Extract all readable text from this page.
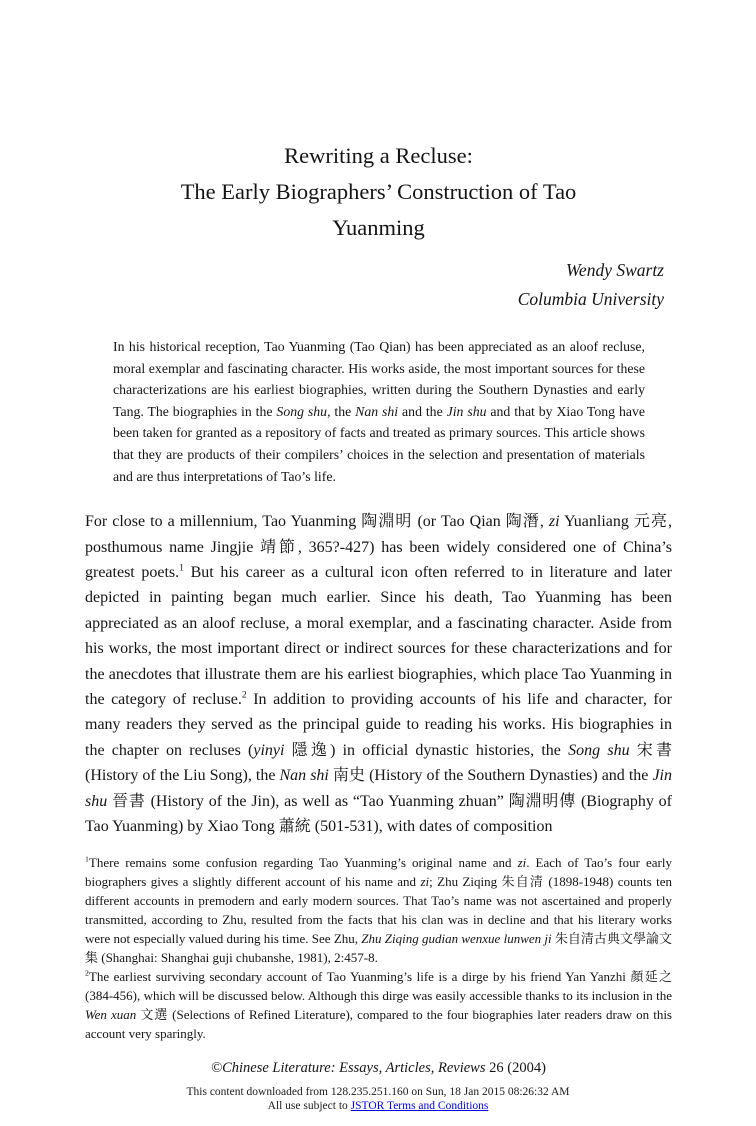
Rewriting a Recluse:
The Early Biographers’ Construction of Tao
Yuanming
Wendy Swartz
Columbia University

In his historical reception, Tao Yuanming (Tao Qian) has been appreciated as an aloof recluse, moral exemplar and fascinating character. His works aside, the most important sources for these characterizations are his earliest biographies, written during the Southern Dynasties and early Tang. The biographies in the Song shu, the Nan shi and the Jin shu and that by Xiao Tong have been taken for granted as a repository of facts and treated as primary sources. This article shows that they are products of their compilers’ choices in the selection and presentation of materials and are thus interpretations of Tao’s life.

For close to a millennium, Tao Yuanming 陶淵明 (or Tao Qian 陶潛, zi Yuanliang 元亮, posthumous name Jingjie 靖節, 365?-427) has been widely considered one of China’s greatest poets.$^1$ But his career as a cultural icon often referred to in literature and later depicted in painting began much earlier. Since his death, Tao Yuanming has been appreciated as an aloof recluse, a moral exemplar, and a fascinating character. Aside from his works, the most important direct or indirect sources for these characterizations and for the anecdotes that illustrate them are his earliest biographies, which place Tao Yuanming in the category of recluse.$^2$ In addition to providing accounts of his life and character, for many readers they served as the principal guide to reading his works. His biographies in the chapter on recluses (yinyi 隱逸) in official dynastic histories, the Song shu 宋書 (History of the Liu Song), the Nan shi 南史 (History of the Southern Dynasties) and the Jin shu 晉書 (History of the Jin), as well as “Tao Yuanming zhuan” 陶淵明傳 (Biography of Tao Yuanming) by Xiao Tong 蕭統 (501-531), with dates of composition

$^1$There remains some confusion regarding Tao Yuanming’s original name and zi. Each of Tao’s four early biographers gives a slightly different account of his name and zi; Zhu Ziqing 朱自清 (1898-1948) counts ten different accounts in premodern and early modern sources. That Tao’s name was not ascertained and properly transmitted, according to Zhu, resulted from the facts that his clan was in decline and that his literary works were not especially valued during his time. See Zhu, Zhu Ziqing gudian wenxue lunwen ji 朱自清古典文學論文集 (Shanghai: Shanghai guji chubanshe, 1981), 2:457-8.

$^2$The earliest surviving secondary account of Tao Yuanming’s life is a dirge by his friend Yan Yanzhi 顏延之 (384-456), which will be discussed below. Although this dirge was easily accessible thanks to its inclusion in the Wen xuan 文選 (Selections of Refined Literature), compared to the four biographies later readers draw on this account very sparingly.

©Chinese Literature: Essays, Articles, Reviews 26 (2004)

This content downloaded from 128.235.251.160 on Sun, 18 Jan 2015 08:26:32 AM
All use subject to JSTOR Terms and Conditions
